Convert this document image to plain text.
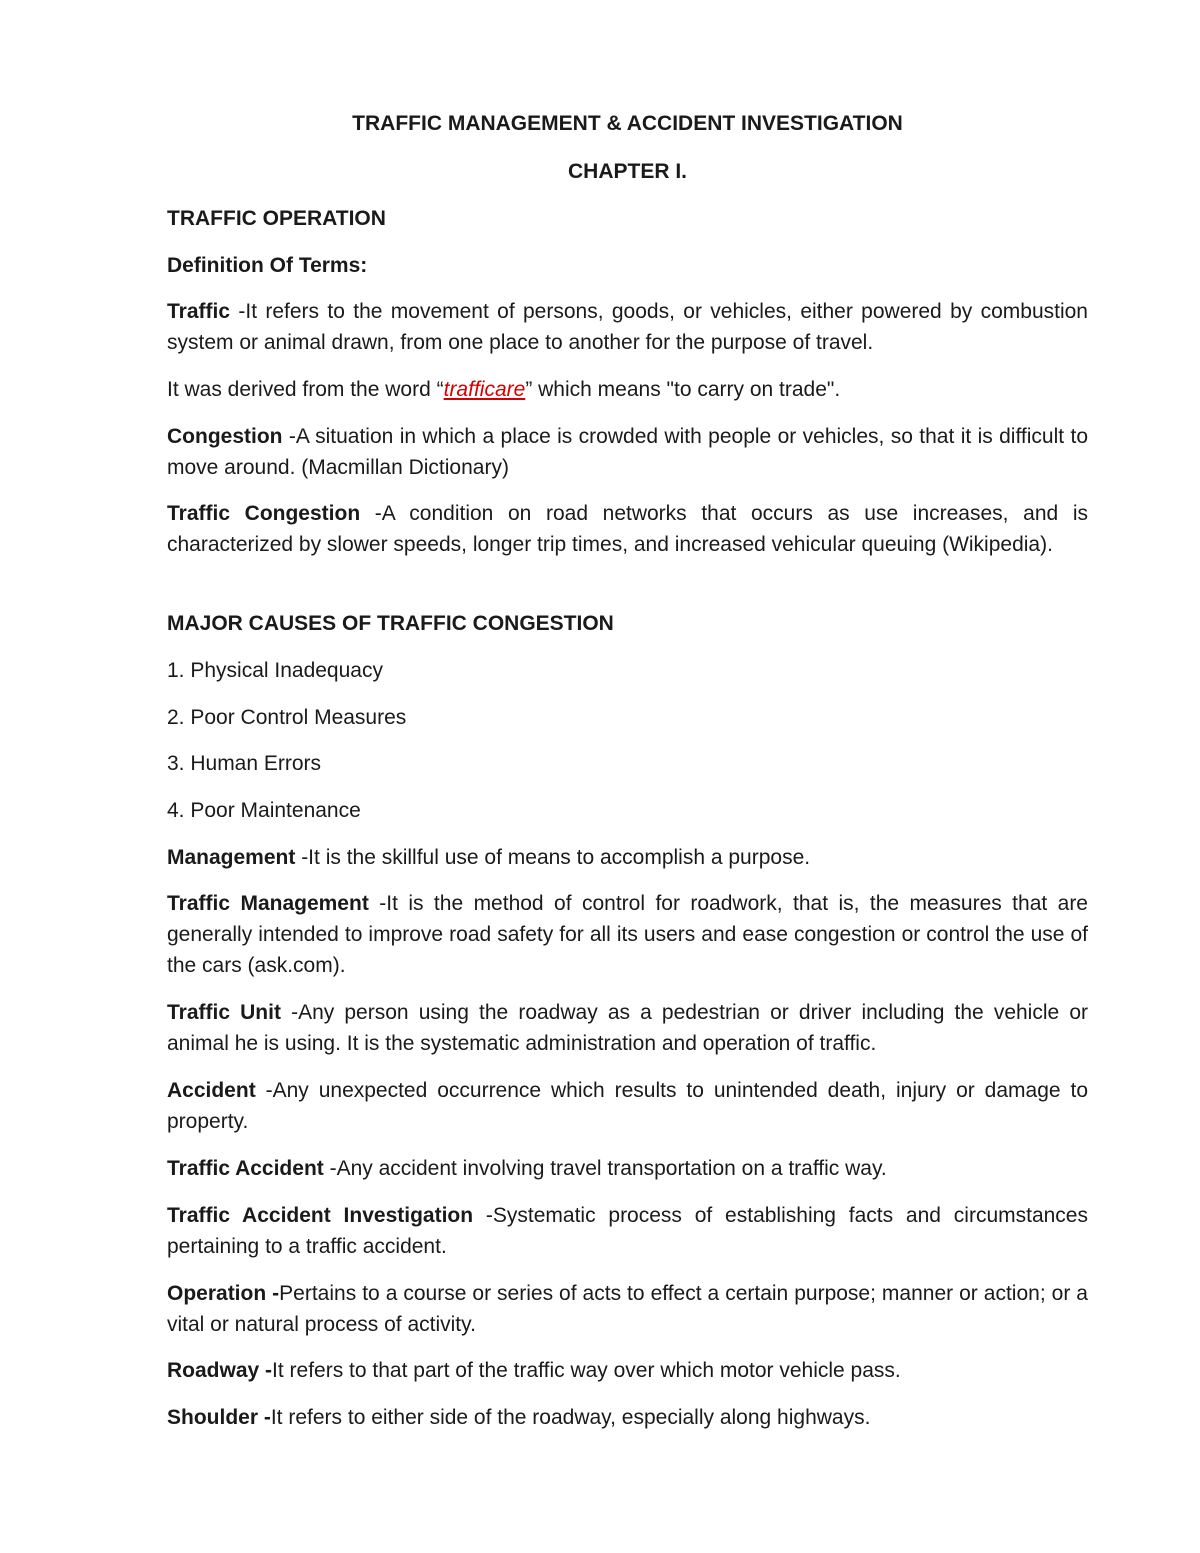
TRAFFIC MANAGEMENT & ACCIDENT INVESTIGATION
CHAPTER I.
TRAFFIC OPERATION
Definition Of Terms:
Traffic -It refers to the movement of persons, goods, or vehicles, either powered by combustion system or animal drawn, from one place to another for the purpose of travel.
It was derived from the word “trafficare” which means "to carry on trade".
Congestion -A situation in which a place is crowded with people or vehicles, so that it is difficult to move around. (Macmillan Dictionary)
Traffic Congestion -A condition on road networks that occurs as use increases, and is characterized by slower speeds, longer trip times, and increased vehicular queuing (Wikipedia).
MAJOR CAUSES OF TRAFFIC CONGESTION
1. Physical Inadequacy
2. Poor Control Measures
3. Human Errors
4. Poor Maintenance
Management -It is the skillful use of means to accomplish a purpose.
Traffic Management -It is the method of control for roadwork, that is, the measures that are generally intended to improve road safety for all its users and ease congestion or control the use of the cars (ask.com).
Traffic Unit -Any person using the roadway as a pedestrian or driver including the vehicle or animal he is using. It is the systematic administration and operation of traffic.
Accident -Any unexpected occurrence which results to unintended death, injury or damage to property.
Traffic Accident -Any accident involving travel transportation on a traffic way.
Traffic Accident Investigation -Systematic process of establishing facts and circumstances pertaining to a traffic accident.
Operation -Pertains to a course or series of acts to effect a certain purpose; manner or action; or a vital or natural process of activity.
Roadway -It refers to that part of the traffic way over which motor vehicle pass.
Shoulder -It refers to either side of the roadway, especially along highways.
